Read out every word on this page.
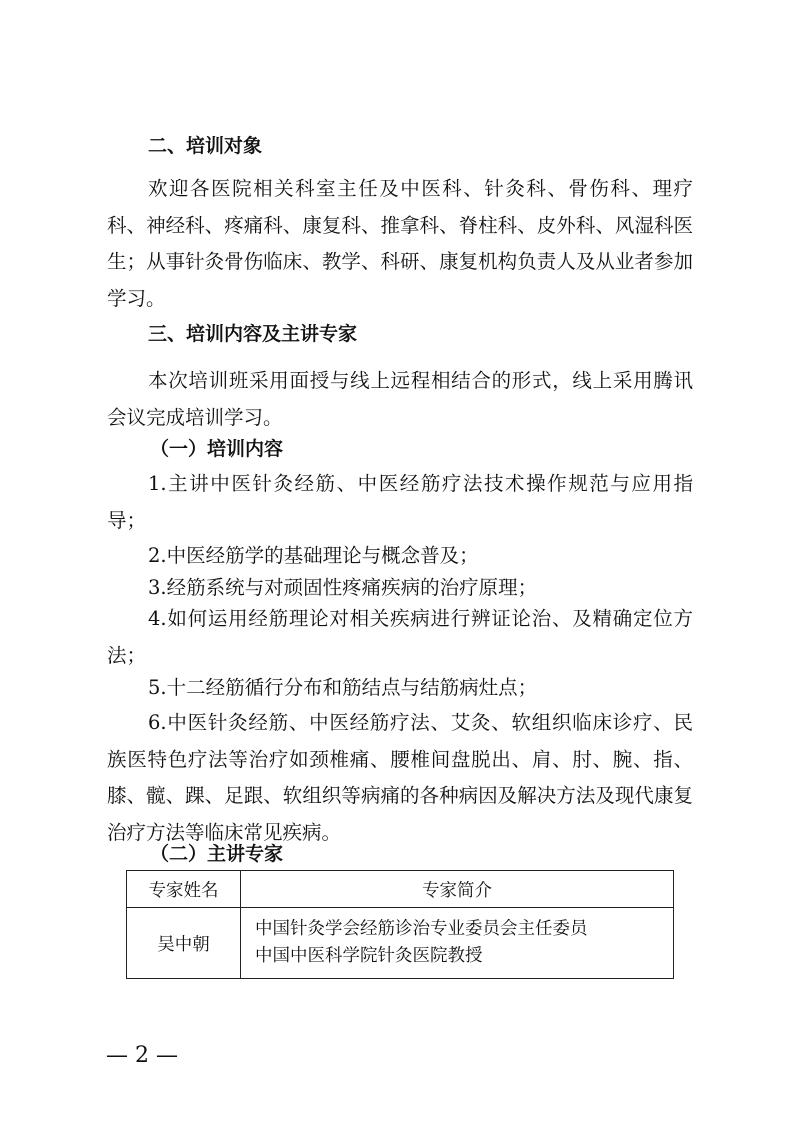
二、培训对象

欢迎各医院相关科室主任及中医科、针灸科、骨伤科、理疗科、神经科、疼痛科、康复科、推拿科、脊柱科、皮外科、风湿科医生；从事针灸骨伤临床、教学、科研、康复机构负责人及从业者参加学习。

三、培训内容及主讲专家

本次培训班采用面授与线上远程相结合的形式，线上采用腾讯会议完成培训学习。

（一）培训内容

1.主讲中医针灸经筋、中医经筋疗法技术操作规范与应用指导；

2.中医经筋学的基础理论与概念普及；

3.经筋系统与对顽固性疼痛疾病的治疗原理；

4.如何运用经筋理论对相关疾病进行辨证论治、及精确定位方法；

5.十二经筋循行分布和筋结点与结筋病灶点；

6.中医针灸经筋、中医经筋疗法、艾灸、软组织临床诊疗、民族医特色疗法等治疗如颈椎痛、腰椎间盘脱出、肩、肘、腕、指、膝、髋、踝、足跟、软组织等病痛的各种病因及解决方法及现代康复治疗方法等临床常见疾病。

（二）主讲专家
专家姓名	专家简介
吴中朝	中国针灸学会经筋诊治专业委员会主任委员
中国中医科学院针灸医院教授
— 2 —
